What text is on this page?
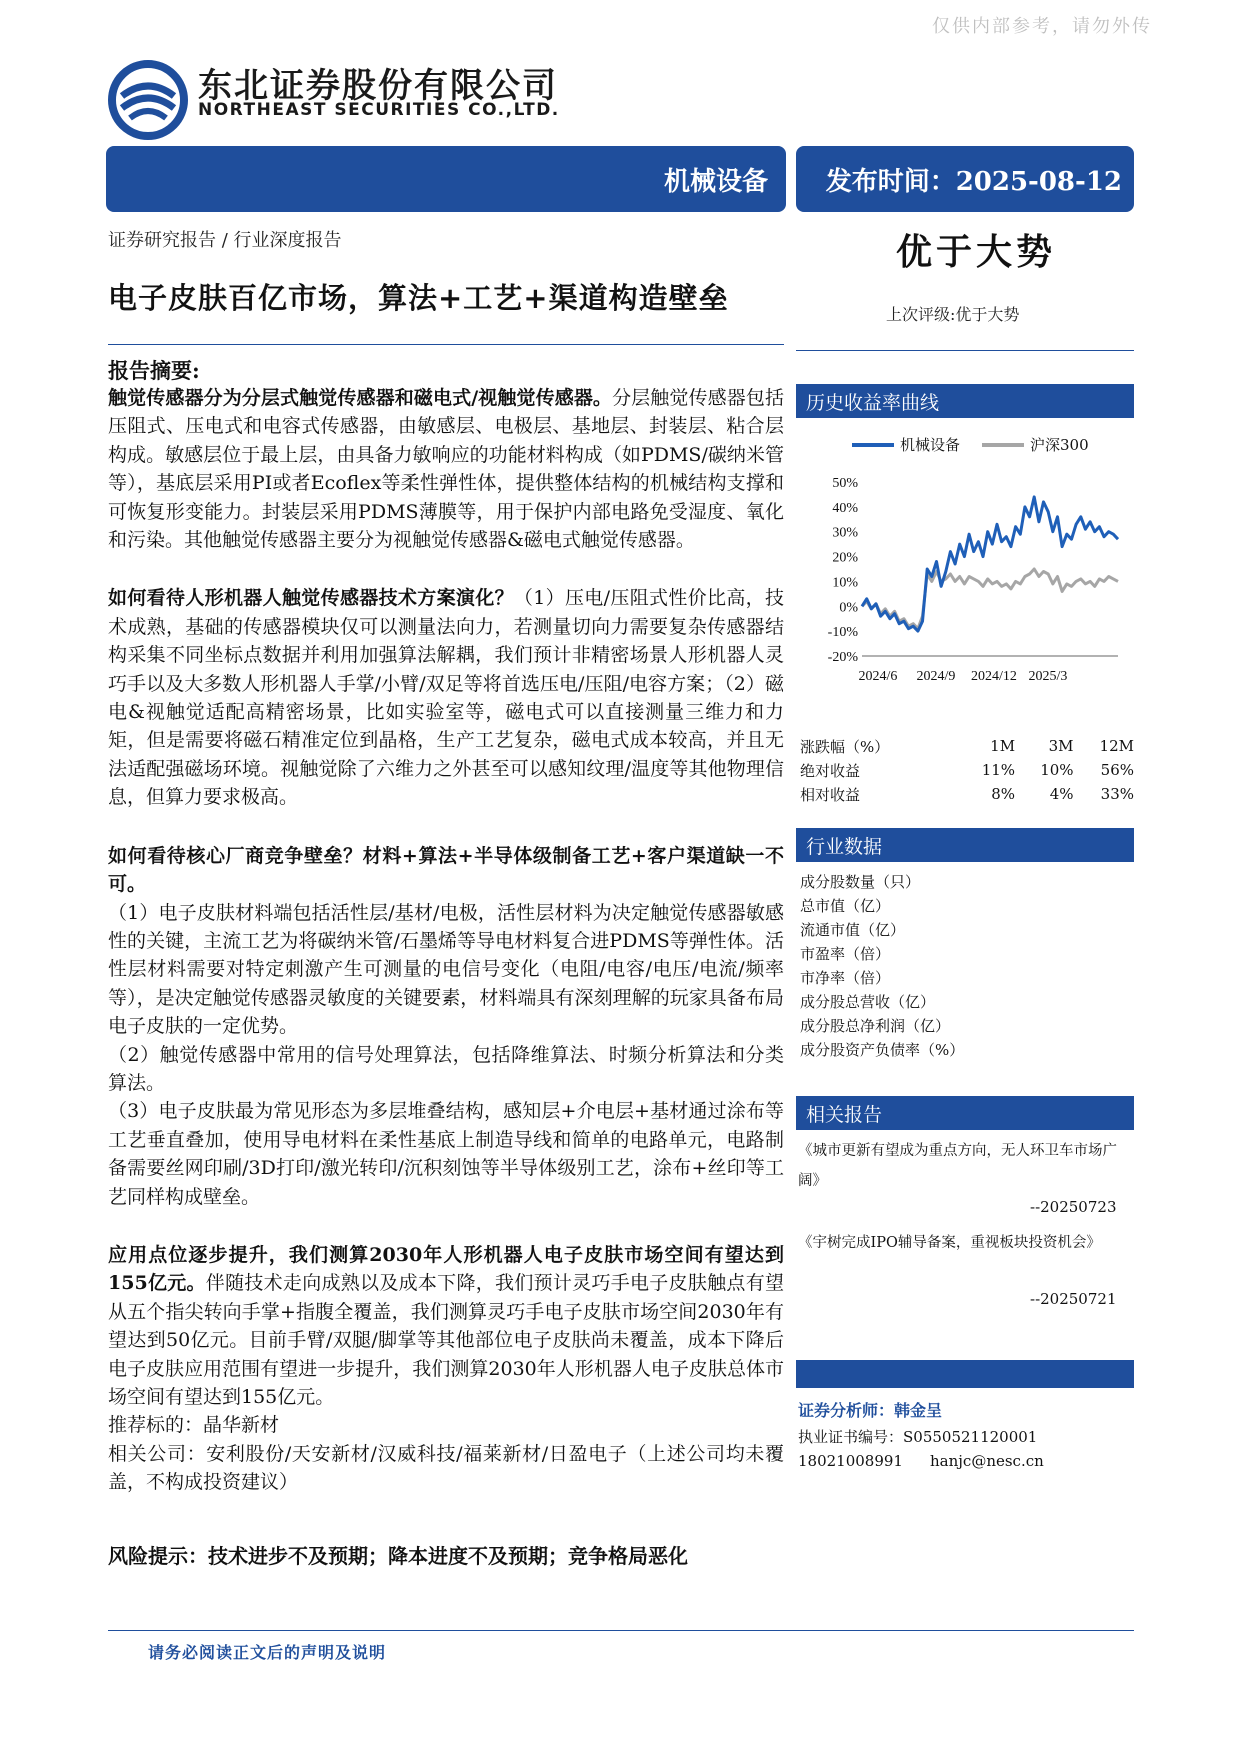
仅供内部参考，请勿外传
东北证券股份有限公司
NORTHEAST SECURITIES CO.,LTD.
机械设备 发布时间：2025-08-12
证券研究报告 / 行业深度报告	优于大势
电子皮肤百亿市场，算法+工艺+渠道构造壁垒	上次评级:优于大势
报告摘要:

触觉传感器分为分层式触觉传感器和磁电式/视触觉传感器。分层触觉传感器包括压阻式、压电式和电容式传感器，由敏感层、电极层、基地层、封装层、粘合层构成。敏感层位于最上层，由具备力敏响应的功能材料构成（如PDMS/碳纳米管等），基底层采用PI或者Ecoflex等柔性弹性体，提供整体结构的机械结构支撑和可恢复形变能力。封装层采用PDMS薄膜等，用于保护内部电路免受湿度、氧化和污染。其他触觉传感器主要分为视触觉传感器&磁电式触觉传感器。

如何看待人形机器人触觉传感器技术方案演化？（1）压电/压阻式性价比高，技术成熟，基础的传感器模块仅可以测量法向力，若测量切向力需要复杂传感器结构采集不同坐标点数据并利用加强算法解耦，我们预计非精密场景人形机器人灵巧手以及大多数人形机器人手掌/小臂/双足等将首选压电/压阻/电容方案；（2）磁电&视触觉适配高精密场景，比如实验室等，磁电式可以直接测量三维力和力矩，但是需要将磁石精准定位到晶格，生产工艺复杂，磁电式成本较高，并且无法适配强磁场环境。视触觉除了六维力之外甚至可以感知纹理/温度等其他物理信息，但算力要求极高。

如何看待核心厂商竞争壁垒？材料+算法+半导体级制备工艺+客户渠道缺一不可。

（1）电子皮肤材料端包括活性层/基材/电极，活性层材料为决定触觉传感器敏感性的关键，主流工艺为将碳纳米管/石墨烯等导电材料复合进PDMS等弹性体。活性层材料需要对特定刺激产生可测量的电信号变化（电阻/电容/电压/电流/频率等），是决定触觉传感器灵敏度的关键要素，材料端具有深刻理解的玩家具备布局电子皮肤的一定优势。

（2）触觉传感器中常用的信号处理算法，包括降维算法、时频分析算法和分类算法。

（3）电子皮肤最为常见形态为多层堆叠结构，感知层+介电层+基材通过涂布等工艺垂直叠加，使用导电材料在柔性基底上制造导线和简单的电路单元，电路制备需要丝网印刷/3D打印/激光转印/沉积刻蚀等半导体级别工艺，涂布+丝印等工艺同样构成壁垒。

应用点位逐步提升，我们测算2030年人形机器人电子皮肤市场空间有望达到155亿元。伴随技术走向成熟以及成本下降，我们预计灵巧手电子皮肤触点有望从五个指尖转向手掌+指腹全覆盖，我们测算灵巧手电子皮肤市场空间2030年有望达到50亿元。目前手臂/双腿/脚掌等其他部位电子皮肤尚未覆盖，成本下降后电子皮肤应用范围有望进一步提升，我们测算2030年人形机器人电子皮肤总体市场空间有望达到155亿元。

推荐标的：晶华新材

相关公司：安利股份/天安新材/汉威科技/福莱新材/日盈电子（上述公司均未覆盖，不构成投资建议）

风险提示：技术进步不及预期；降本进度不及预期；竞争格局恶化
请务必阅读正文后的声明及说明
历史收益率曲线
机械设备	沪深300
50%
40%
30%
20%
10%
0%
-10%
-20%
2024/6 2024/9 2024/12 2025/3
涨跌幅（%）	1M	3M	12M
绝对收益	11%	10%	56%
相对收益	8%	4%	33%
行业数据
成分股数量（只）
总市值（亿）
流通市值（亿）
市盈率（倍）
市净率（倍）
成分股总营收（亿）
成分股总净利润（亿）
成分股资产负债率（%）
相关报告
《城市更新有望成为重点方向，无人环卫车市场广阔》
--20250723
《宇树完成IPO辅导备案，重视板块投资机会》
--20250721
证券分析师：韩金呈
执业证书编号：S0550521120001
18021008991 hanjc@nesc.cn
